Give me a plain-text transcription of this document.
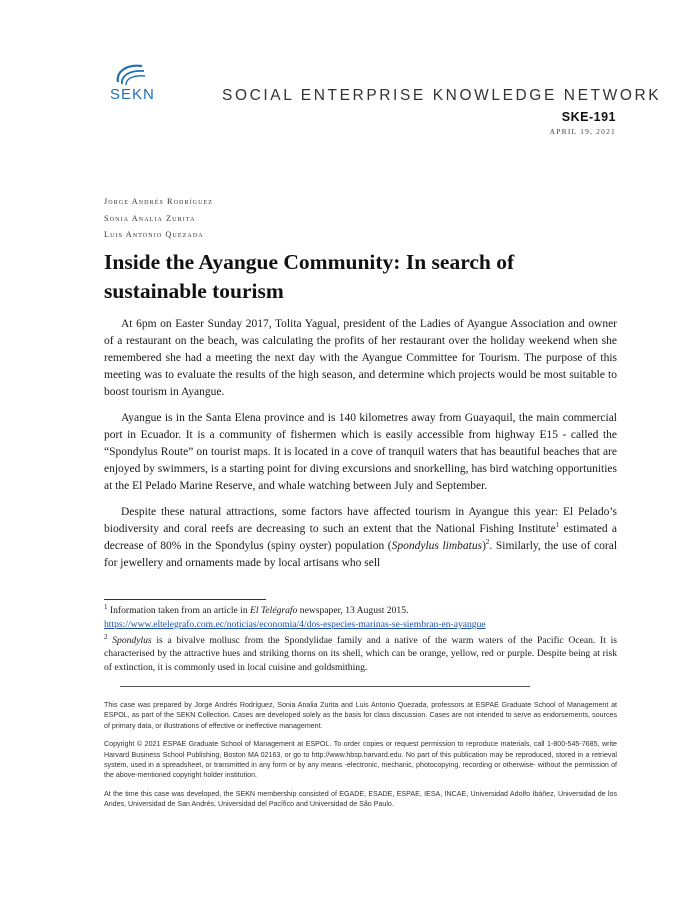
SEKN	SOCIAL ENTERPRISE KNOWLEDGE NETWORK
SKE-191
APRIL 19, 2021
Jorge Andrés Rodríguez
Sonia Analia Zurita
Luis Antonio Quezada
Inside the Ayangue Community: In search of sustainable tourism

At 6pm on Easter Sunday 2017, Tolita Yagual, president of the Ladies of Ayangue Association and owner of a restaurant on the beach, was calculating the profits of her restaurant over the holiday weekend when she remembered she had a meeting the next day with the Ayangue Committee for Tourism. The purpose of this meeting was to evaluate the results of the high season, and determine which projects would be most suitable to boost tourism in Ayangue.

Ayangue is in the Santa Elena province and is 140 kilometres away from Guayaquil, the main commercial port in Ecuador. It is a community of fishermen which is easily accessible from highway E15 - called the “Spondylus Route” on tourist maps. It is located in a cove of tranquil waters that has beautiful beaches that are enjoyed by swimmers, is a starting point for diving excursions and snorkelling, has bird watching opportunities at the El Pelado Marine Reserve, and whale watching between July and September.

Despite these natural attractions, some factors have affected tourism in Ayangue this year: El Pelado’s biodiversity and coral reefs are decreasing to such an extent that the National Fishing Institute$^1$ estimated a decrease of 80% in the Spondylus (spiny oyster) population (Spondylus limbatus)$^2$. Similarly, the use of coral for jewellery and ornaments made by local artisans who sell

$^1$ Information taken from an article in El Telégrafo newspaper, 13 August 2015.
https://www.eltelegrafo.com.ec/noticias/economia/4/dos-especies-marinas-se-siembran-en-ayangue

$^2$ Spondylus is a bivalve mollusc from the Spondylidae family and a native of the warm waters of the Pacific Ocean. It is characterised by the attractive hues and striking thorns on its shell, which can be orange, yellow, red or purple. Despite being at risk of extinction, it is commonly used in local cuisine and goldsmithing.

This case was prepared by Jorge Andrés Rodríguez, Sonia Analia Zurita and Luis Antonio Quezada, professors at ESPAE Graduate School of Management at ESPOL, as part of the SEKN Collection. Cases are developed solely as the basis for class discussion. Cases are not intended to serve as endorsements, sources of primary data, or illustrations of effective or ineffective management.

Copyright © 2021 ESPAE Graduate School of Management at ESPOL. To order copies or request permission to reproduce materials, call 1-800-545-7685, write Harvard Business School Publishing, Boston MA 02163, or go to http://www.hbsp.harvard.edu. No part of this publication may be reproduced, stored in a retrieval system, used in a spreadsheet, or transmitted in any form or by any means -electronic, mechanic, photocopying, recording or otherwise- without the permission of the above-mentioned copyright holder institution.

At the time this case was developed, the SEKN membership consisted of EGADE, ESADE, ESPAE, IESA, INCAE, Universidad Adolfo Ibáñez, Universidad de los Andes, Universidad de San Andrés, Universidad del Pacífico and Universidad de São Paulo.
